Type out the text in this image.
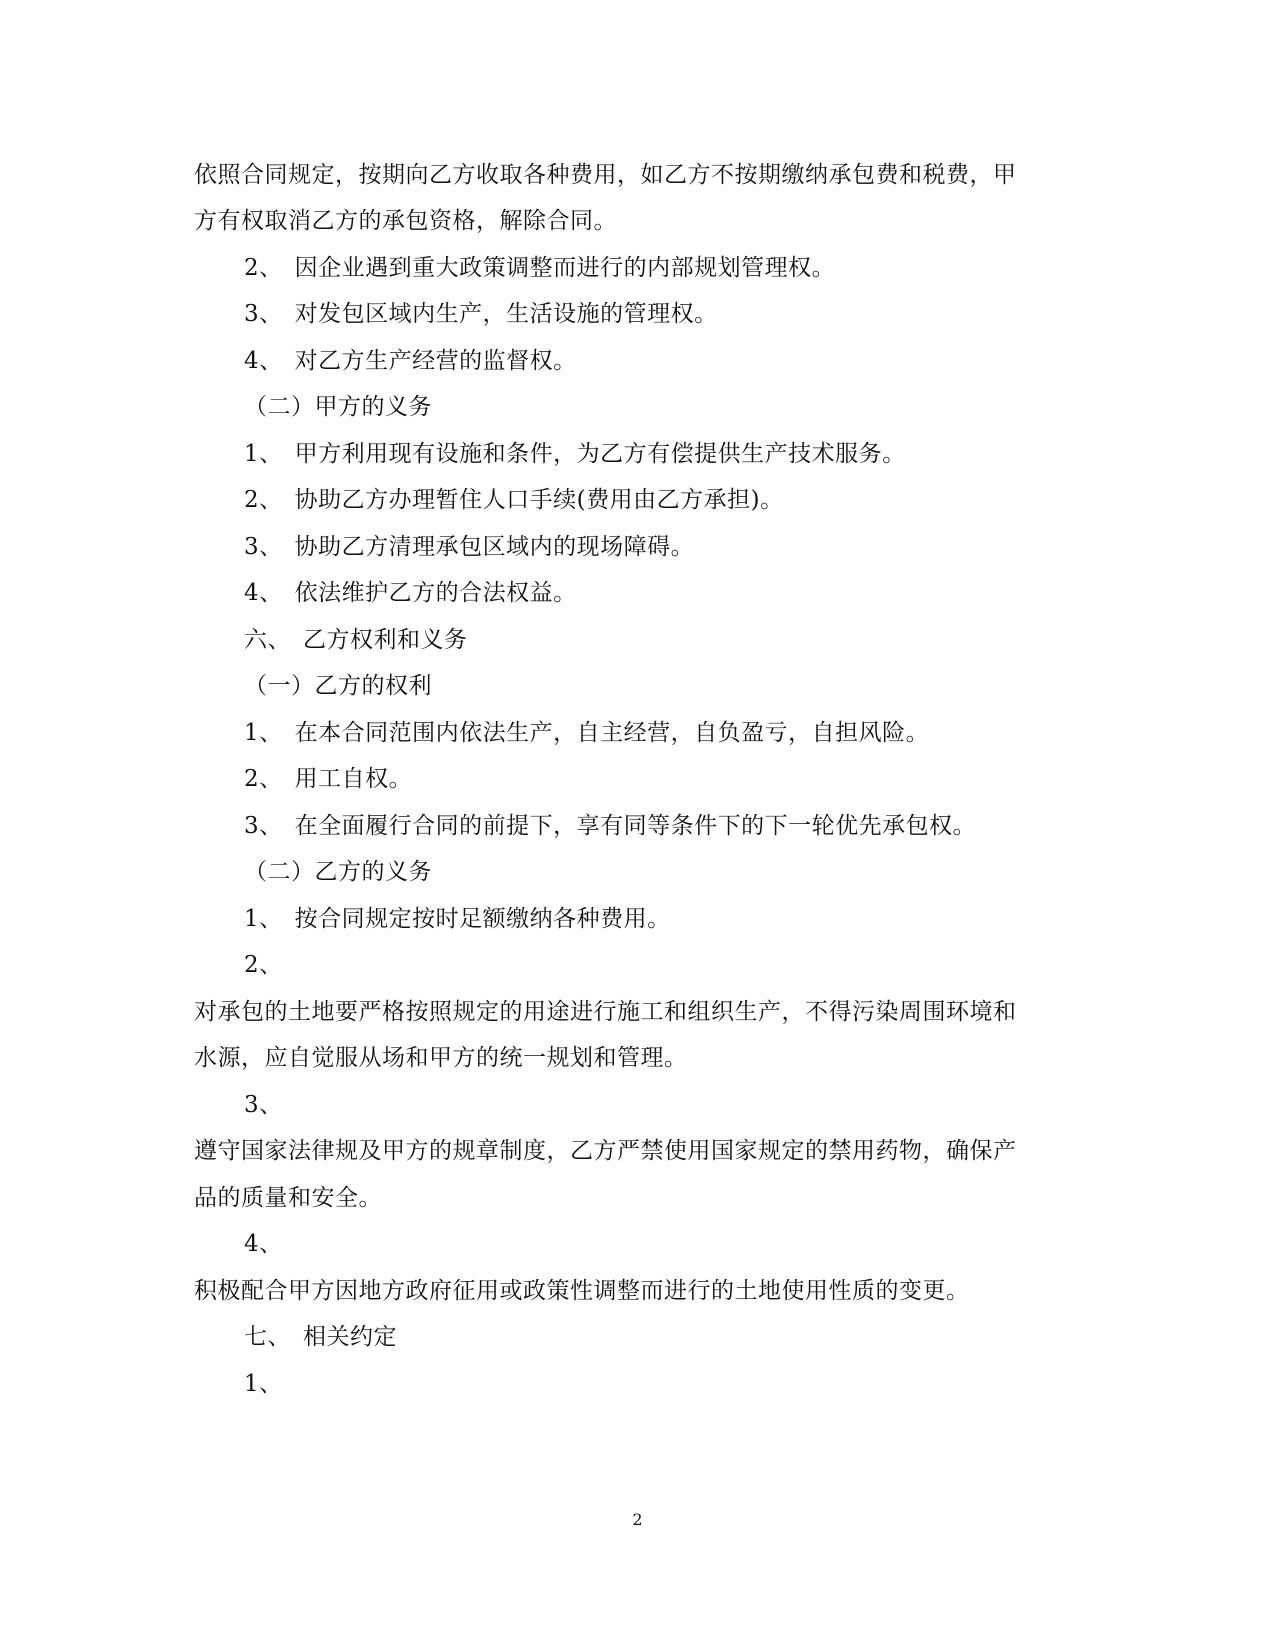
依照合同规定，按期向乙方收取各种费用，如乙方不按期缴纳承包费和税费，甲
方有权取消乙方的承包资格，解除合同。
2、　因企业遇到重大政策调整而进行的内部规划管理权。
3、　对发包区域内生产，生活设施的管理权。
4、　对乙方生产经营的监督权。
（二）甲方的义务
1、　甲方利用现有设施和条件，为乙方有偿提供生产技术服务。
2、　协助乙方办理暂住人口手续(费用由乙方承担)。
3、　协助乙方清理承包区域内的现场障碍。
4、　依法维护乙方的合法权益。
六、　乙方权利和义务
（一）乙方的权利
1、　在本合同范围内依法生产，自主经营，自负盈亏，自担风险。
2、　用工自权。
3、　在全面履行合同的前提下，享有同等条件下的下一轮优先承包权。
（二）乙方的义务
1、　按合同规定按时足额缴纳各种费用。
2、
对承包的土地要严格按照规定的用途进行施工和组织生产，不得污染周围环境和
水源，应自觉服从场和甲方的统一规划和管理。
3、
遵守国家法律规及甲方的规章制度，乙方严禁使用国家规定的禁用药物，确保产
品的质量和安全。
4、
积极配合甲方因地方政府征用或政策性调整而进行的土地使用性质的变更。
七、　相关约定
1、
2
